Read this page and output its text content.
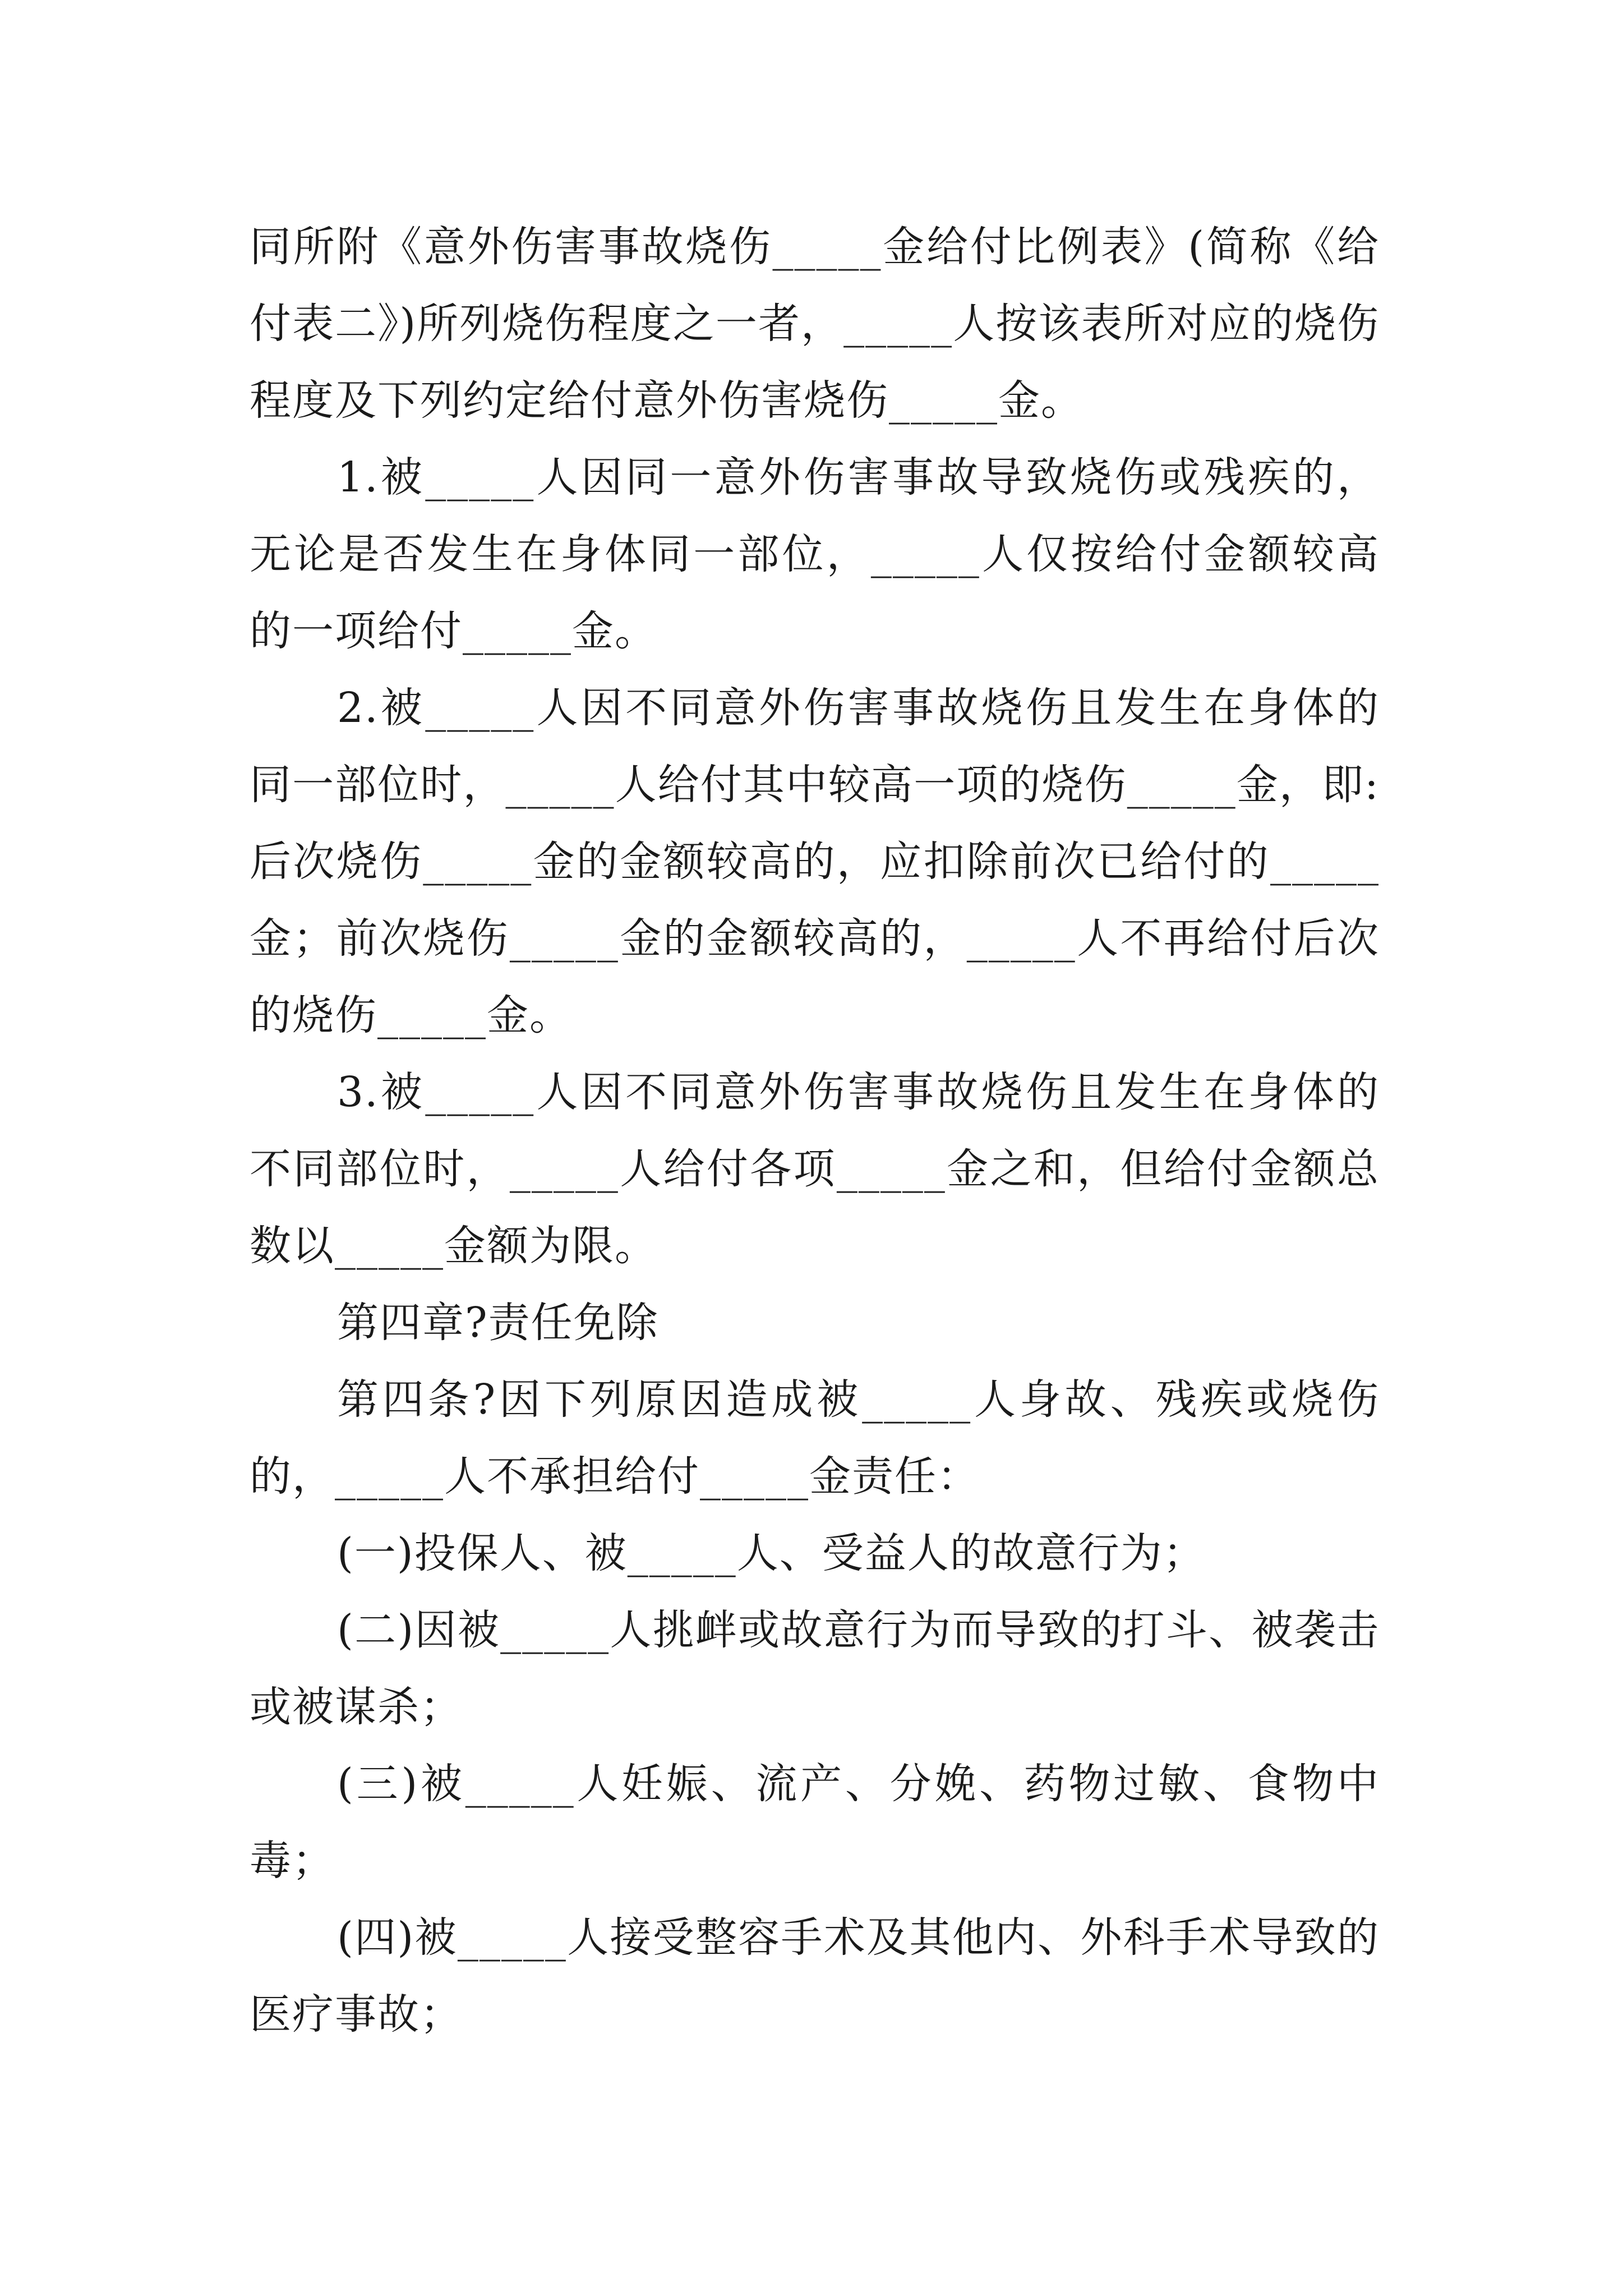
同所附《意外伤害事故烧伤_____金给付比例表》(简称《给付表二》)所列烧伤程度之一者，_____人按该表所对应的烧伤程度及下列约定给付意外伤害烧伤_____金。

1.被_____人因同一意外伤害事故导致烧伤或残疾的，无论是否发生在身体同一部位，_____人仅按给付金额较高的一项给付_____金。

2.被_____人因不同意外伤害事故烧伤且发生在身体的同一部位时，_____人给付其中较高一项的烧伤_____金，即:后次烧伤_____金的金额较高的，应扣除前次已给付的_____金；前次烧伤_____金的金额较高的，_____人不再给付后次的烧伤_____金。

3.被_____人因不同意外伤害事故烧伤且发生在身体的不同部位时，_____人给付各项_____金之和，但给付金额总数以_____金额为限。

第四章?责任免除

第四条?因下列原因造成被_____人身故、残疾或烧伤的，_____人不承担给付_____金责任：

(一)投保人、被_____人、受益人的故意行为；

(二)因被_____人挑衅或故意行为而导致的打斗、被袭击或被谋杀；

(三)被_____人妊娠、流产、分娩、药物过敏、食物中毒；

(四)被_____人接受整容手术及其他内、外科手术导致的医疗事故；
